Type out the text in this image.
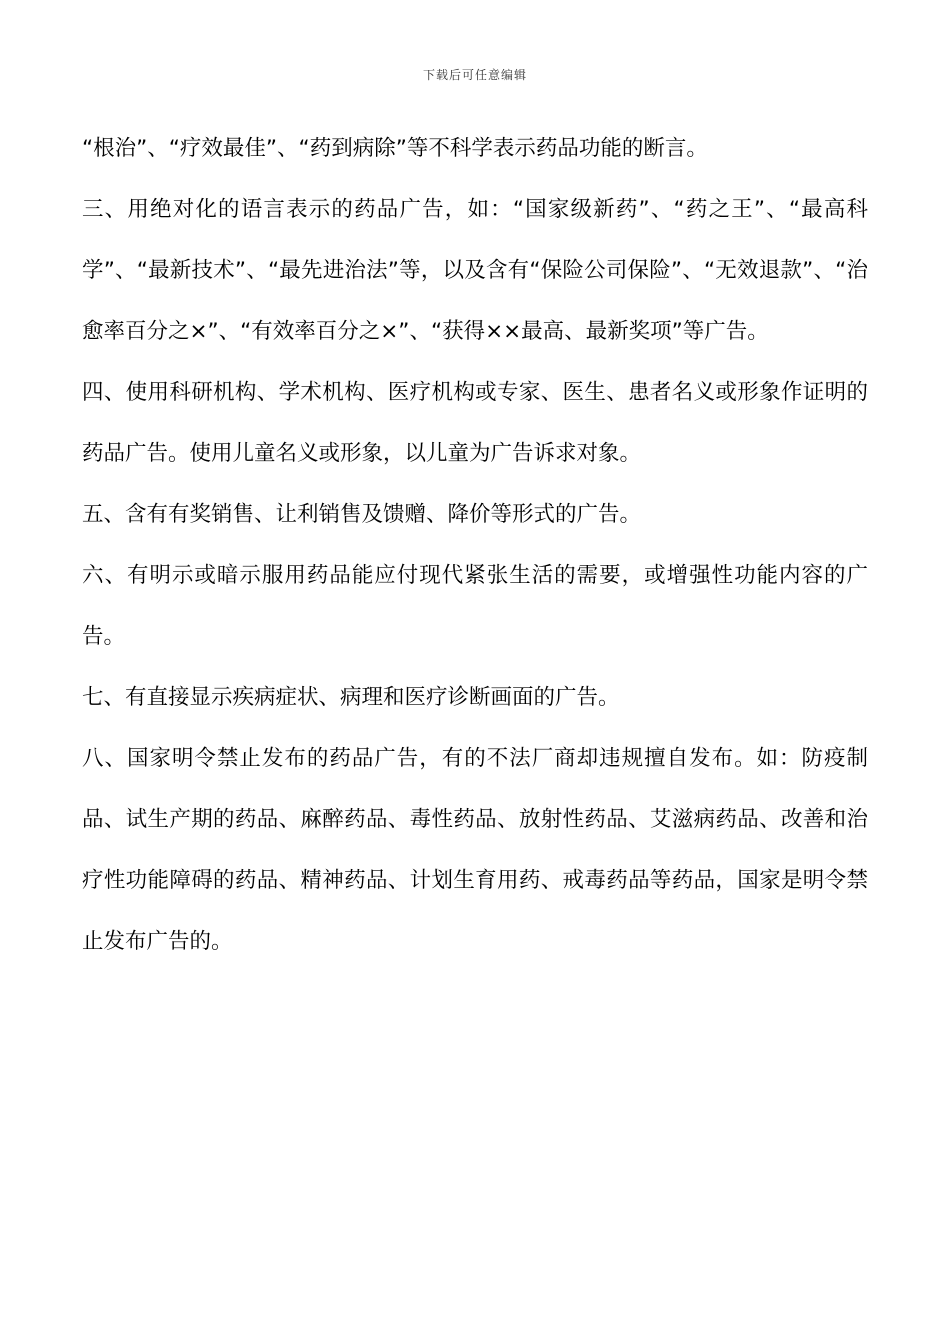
下载后可任意编辑

“根治”、“疗效最佳”、“药到病除”等不科学表示药品功能的断言。

三、用绝对化的语言表示的药品广告，如：“国家级新药”、“药之王”、“最高科学”、“最新技术”、“最先进治法”等，以及含有“保险公司保险”、“无效退款”、“治愈率百分之×”、“有效率百分之×”、“获得××最高、最新奖项”等广告。

四、使用科研机构、学术机构、医疗机构或专家、医生、患者名义或形象作证明的药品广告。使用儿童名义或形象，以儿童为广告诉求对象。

五、含有有奖销售、让利销售及馈赠、降价等形式的广告。

六、有明示或暗示服用药品能应付现代紧张生活的需要，或增强性功能内容的广告。

七、有直接显示疾病症状、病理和医疗诊断画面的广告。

八、国家明令禁止发布的药品广告，有的不法厂商却违规擅自发布。如：防疫制品、试生产期的药品、麻醉药品、毒性药品、放射性药品、艾滋病药品、改善和治疗性功能障碍的药品、精神药品、计划生育用药、戒毒药品等药品，国家是明令禁止发布广告的。
